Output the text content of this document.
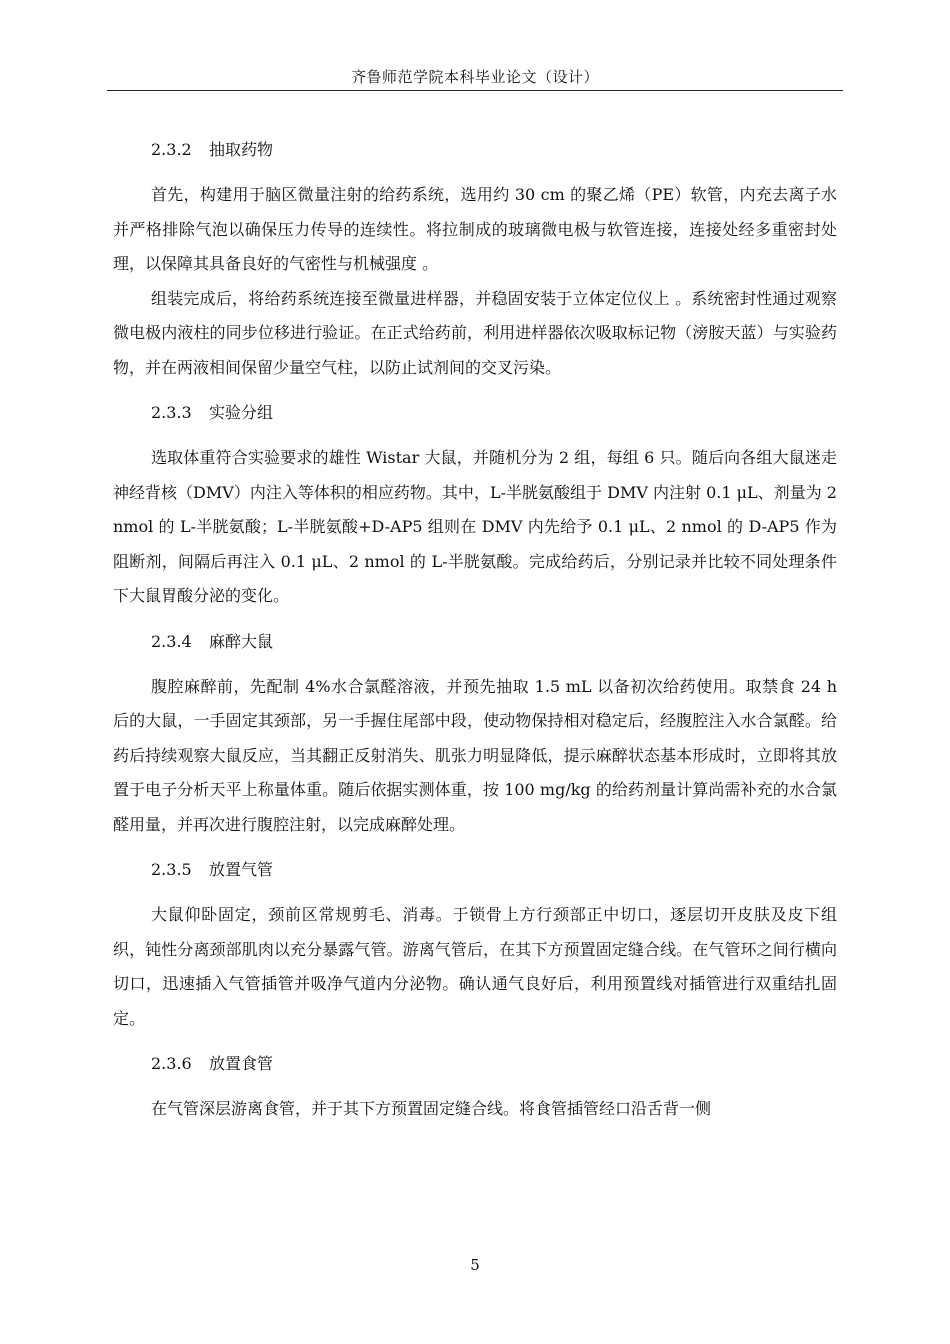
齐鲁师范学院本科毕业论文（设计）
2.3.2 抽取药物

首先，构建用于脑区微量注射的给药系统，选用约 30 cm 的聚乙烯（PE）软管，内充去离子水并严格排除气泡以确保压力传导的连续性。将拉制成的玻璃微电极与软管连接，连接处经多重密封处理，以保障其具备良好的气密性与机械强度 。

组装完成后，将给药系统连接至微量进样器，并稳固安装于立体定位仪上 。系统密封性通过观察微电极内液柱的同步位移进行验证。在正式给药前，利用进样器依次吸取标记物（滂胺天蓝）与实验药物，并在两液相间保留少量空气柱，以防止试剂间的交叉污染。

2.3.3 实验分组

选取体重符合实验要求的雄性 Wistar 大鼠，并随机分为 2 组，每组 6 只。随后向各组大鼠迷走神经背核（DMV）内注入等体积的相应药物。其中，L-半胱氨酸组于 DMV 内注射 0.1 μL、剂量为 2 nmol 的 L-半胱氨酸；L-半胱氨酸+D-AP5 组则在 DMV 内先给予 0.1 μL、2 nmol 的 D-AP5 作为阻断剂，间隔后再注入 0.1 μL、2 nmol 的 L-半胱氨酸。完成给药后，分别记录并比较不同处理条件下大鼠胃酸分泌的变化。

2.3.4 麻醉大鼠

腹腔麻醉前，先配制 4%水合氯醛溶液，并预先抽取 1.5 mL 以备初次给药使用。取禁食 24 h 后的大鼠，一手固定其颈部，另一手握住尾部中段，使动物保持相对稳定后，经腹腔注入水合氯醛。给药后持续观察大鼠反应，当其翻正反射消失、肌张力明显降低，提示麻醉状态基本形成时，立即将其放置于电子分析天平上称量体重。随后依据实测体重，按 100 mg/kg 的给药剂量计算尚需补充的水合氯醛用量，并再次进行腹腔注射，以完成麻醉处理。

2.3.5 放置气管

大鼠仰卧固定，颈前区常规剪毛、消毒。于锁骨上方行颈部正中切口，逐层切开皮肤及皮下组织，钝性分离颈部肌肉以充分暴露气管。游离气管后，在其下方预置固定缝合线。在气管环之间行横向切口，迅速插入气管插管并吸净气道内分泌物。确认通气良好后，利用预置线对插管进行双重结扎固定。

2.3.6 放置食管

在气管深层游离食管，并于其下方预置固定缝合线。将食管插管经口沿舌背一侧

5
